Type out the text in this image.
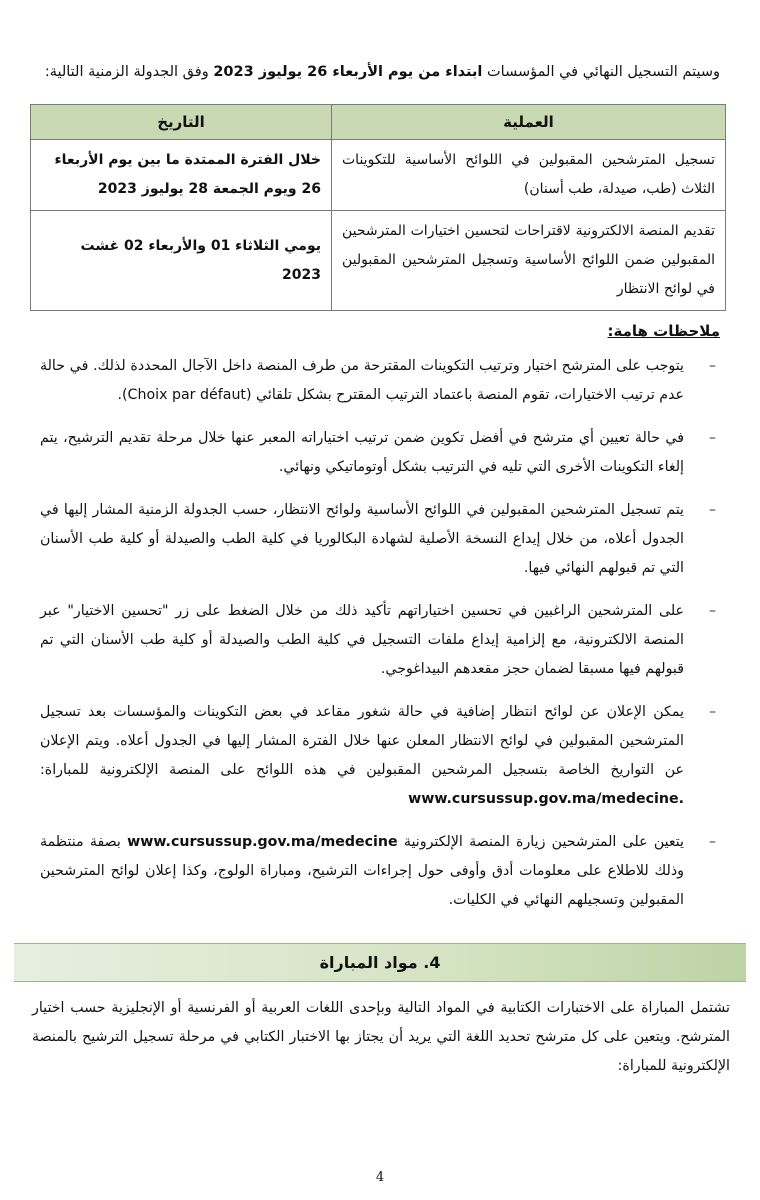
وسيتم التسجيل النهائي في المؤسسات ابتداء من يوم الأربعاء 26 يوليوز 2023 وفق الجدولة الزمنية التالية:

العملية	التاريخ
تسجيل المترشحين المقبولين في اللوائح الأساسية للتكوينات الثلاث (طب، صيدلة، طب أسنان)	خلال الفترة الممتدة ما بين يوم الأربعاء 26 ويوم الجمعة 28 يوليوز 2023
تقديم المنصة الالكترونية لاقتراحات لتحسين اختيارات المترشحين المقبولين ضمن اللوائح الأساسية وتسجيل المترشحين المقبولين في لوائح الانتظار	يومي الثلاثاء 01 والأربعاء 02 غشت 2023
ملاحظات هامة:
–
يتوجب على المترشح اختيار وترتيب التكوينات المقترحة من طرف المنصة داخل الآجال المحددة لذلك. في حالة عدم ترتيب الاختيارات، تقوم المنصة باعتماد الترتيب المقترح بشكل تلقائي (Choix par défaut).
–
في حالة تعيين أي مترشح في أفضل تكوين ضمن ترتيب اختياراته المعبر عنها خلال مرحلة تقديم الترشيح، يتم إلغاء التكوينات الأخرى التي تليه في الترتيب بشكل أوتوماتيكي ونهائي.
–
يتم تسجيل المترشحين المقبولين في اللوائح الأساسية ولوائح الانتظار، حسب الجدولة الزمنية المشار إليها في الجدول أعلاه، من خلال إيداع النسخة الأصلية لشهادة البكالوريا في كلية الطب والصيدلة أو كلية طب الأسنان التي تم قبولهم النهائي فيها.
–
على المترشحين الراغبين في تحسين اختياراتهم تأكيد ذلك من خلال الضغط على زر "تحسين الاختيار" عبر المنصة الالكترونية، مع إلزامية إيداع ملفات التسجيل في كلية الطب والصيدلة أو كلية طب الأسنان التي تم قبولهم فيها مسبقا لضمان حجز مقعدهم البيداغوجي.
–
يمكن الإعلان عن لوائح انتظار إضافية في حالة شغور مقاعد في بعض التكوينات والمؤسسات بعد تسجيل المترشحين المقبولين في لوائح الانتظار المعلن عنها خلال الفترة المشار إليها في الجدول أعلاه. ويتم الإعلان عن التواريخ الخاصة بتسجيل المرشحين المقبولين في هذه اللوائح على المنصة الإلكترونية للمباراة: www.cursussup.gov.ma/medecine.
–
يتعين على المترشحين زيارة المنصة الإلكترونية www.cursussup.gov.ma/medecine بصفة منتظمة وذلك للاطلاع على معلومات أدق وأوفى حول إجراءات الترشيح، ومباراة الولوج، وكذا إعلان لوائح المترشحين المقبولين وتسجيلهم النهائي في الكليات.
4. مواد المباراة

تشتمل المباراة على الاختبارات الكتابية في المواد التالية وبإحدى اللغات العربية أو الفرنسية أو الإنجليزية حسب اختيار المترشح. ويتعين على كل مترشح تحديد اللغة التي يريد أن يجتاز بها الاختبار الكتابي في مرحلة تسجيل الترشيح بالمنصة الإلكترونية للمباراة:

4
